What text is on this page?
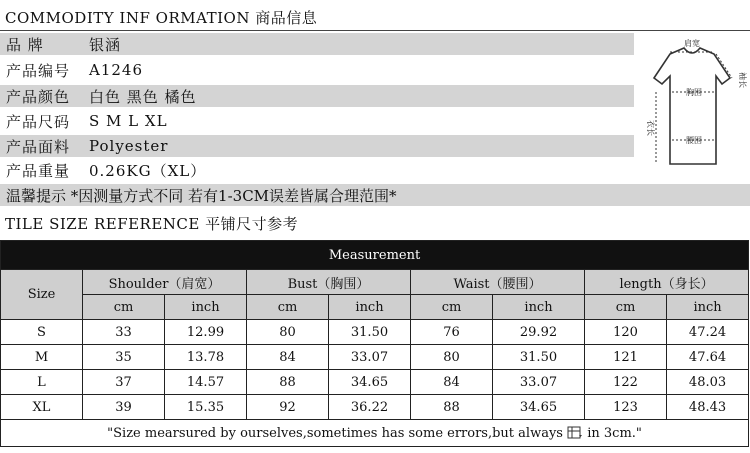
COMMODITY INF ORMATION 商品信息
品 牌	银涵
产品编号	A1246
产品颜色	白色 黑色 橘色
产品尺码	S M L XL
产品面料	Polyester
产品重量	0.26KG（XL）
温馨提示 *因测量方式不同 若有1-3CM误差皆属合理范围*
肩宽
袖长
胸围
衣长
腰围
TILE SIZE REFERENCE 平铺尺寸参考
Measurement								
Size	Shoulder（肩宽）		Bust（胸围）		Waist（腰围）		length（身长）	
	cm	inch	cm	inch	cm	inch	cm	inch
S	33	12.99	80	31.50	76	29.92	120	47.24
M	35	13.78	84	33.07	80	31.50	121	47.64
L	37	14.57	88	34.65	84	33.07	122	48.03
XL	39	15.35	92	36.22	88	34.65	123	48.43
"Size mearsured by ourselves,sometimes has some errors,but always in 3cm."								
